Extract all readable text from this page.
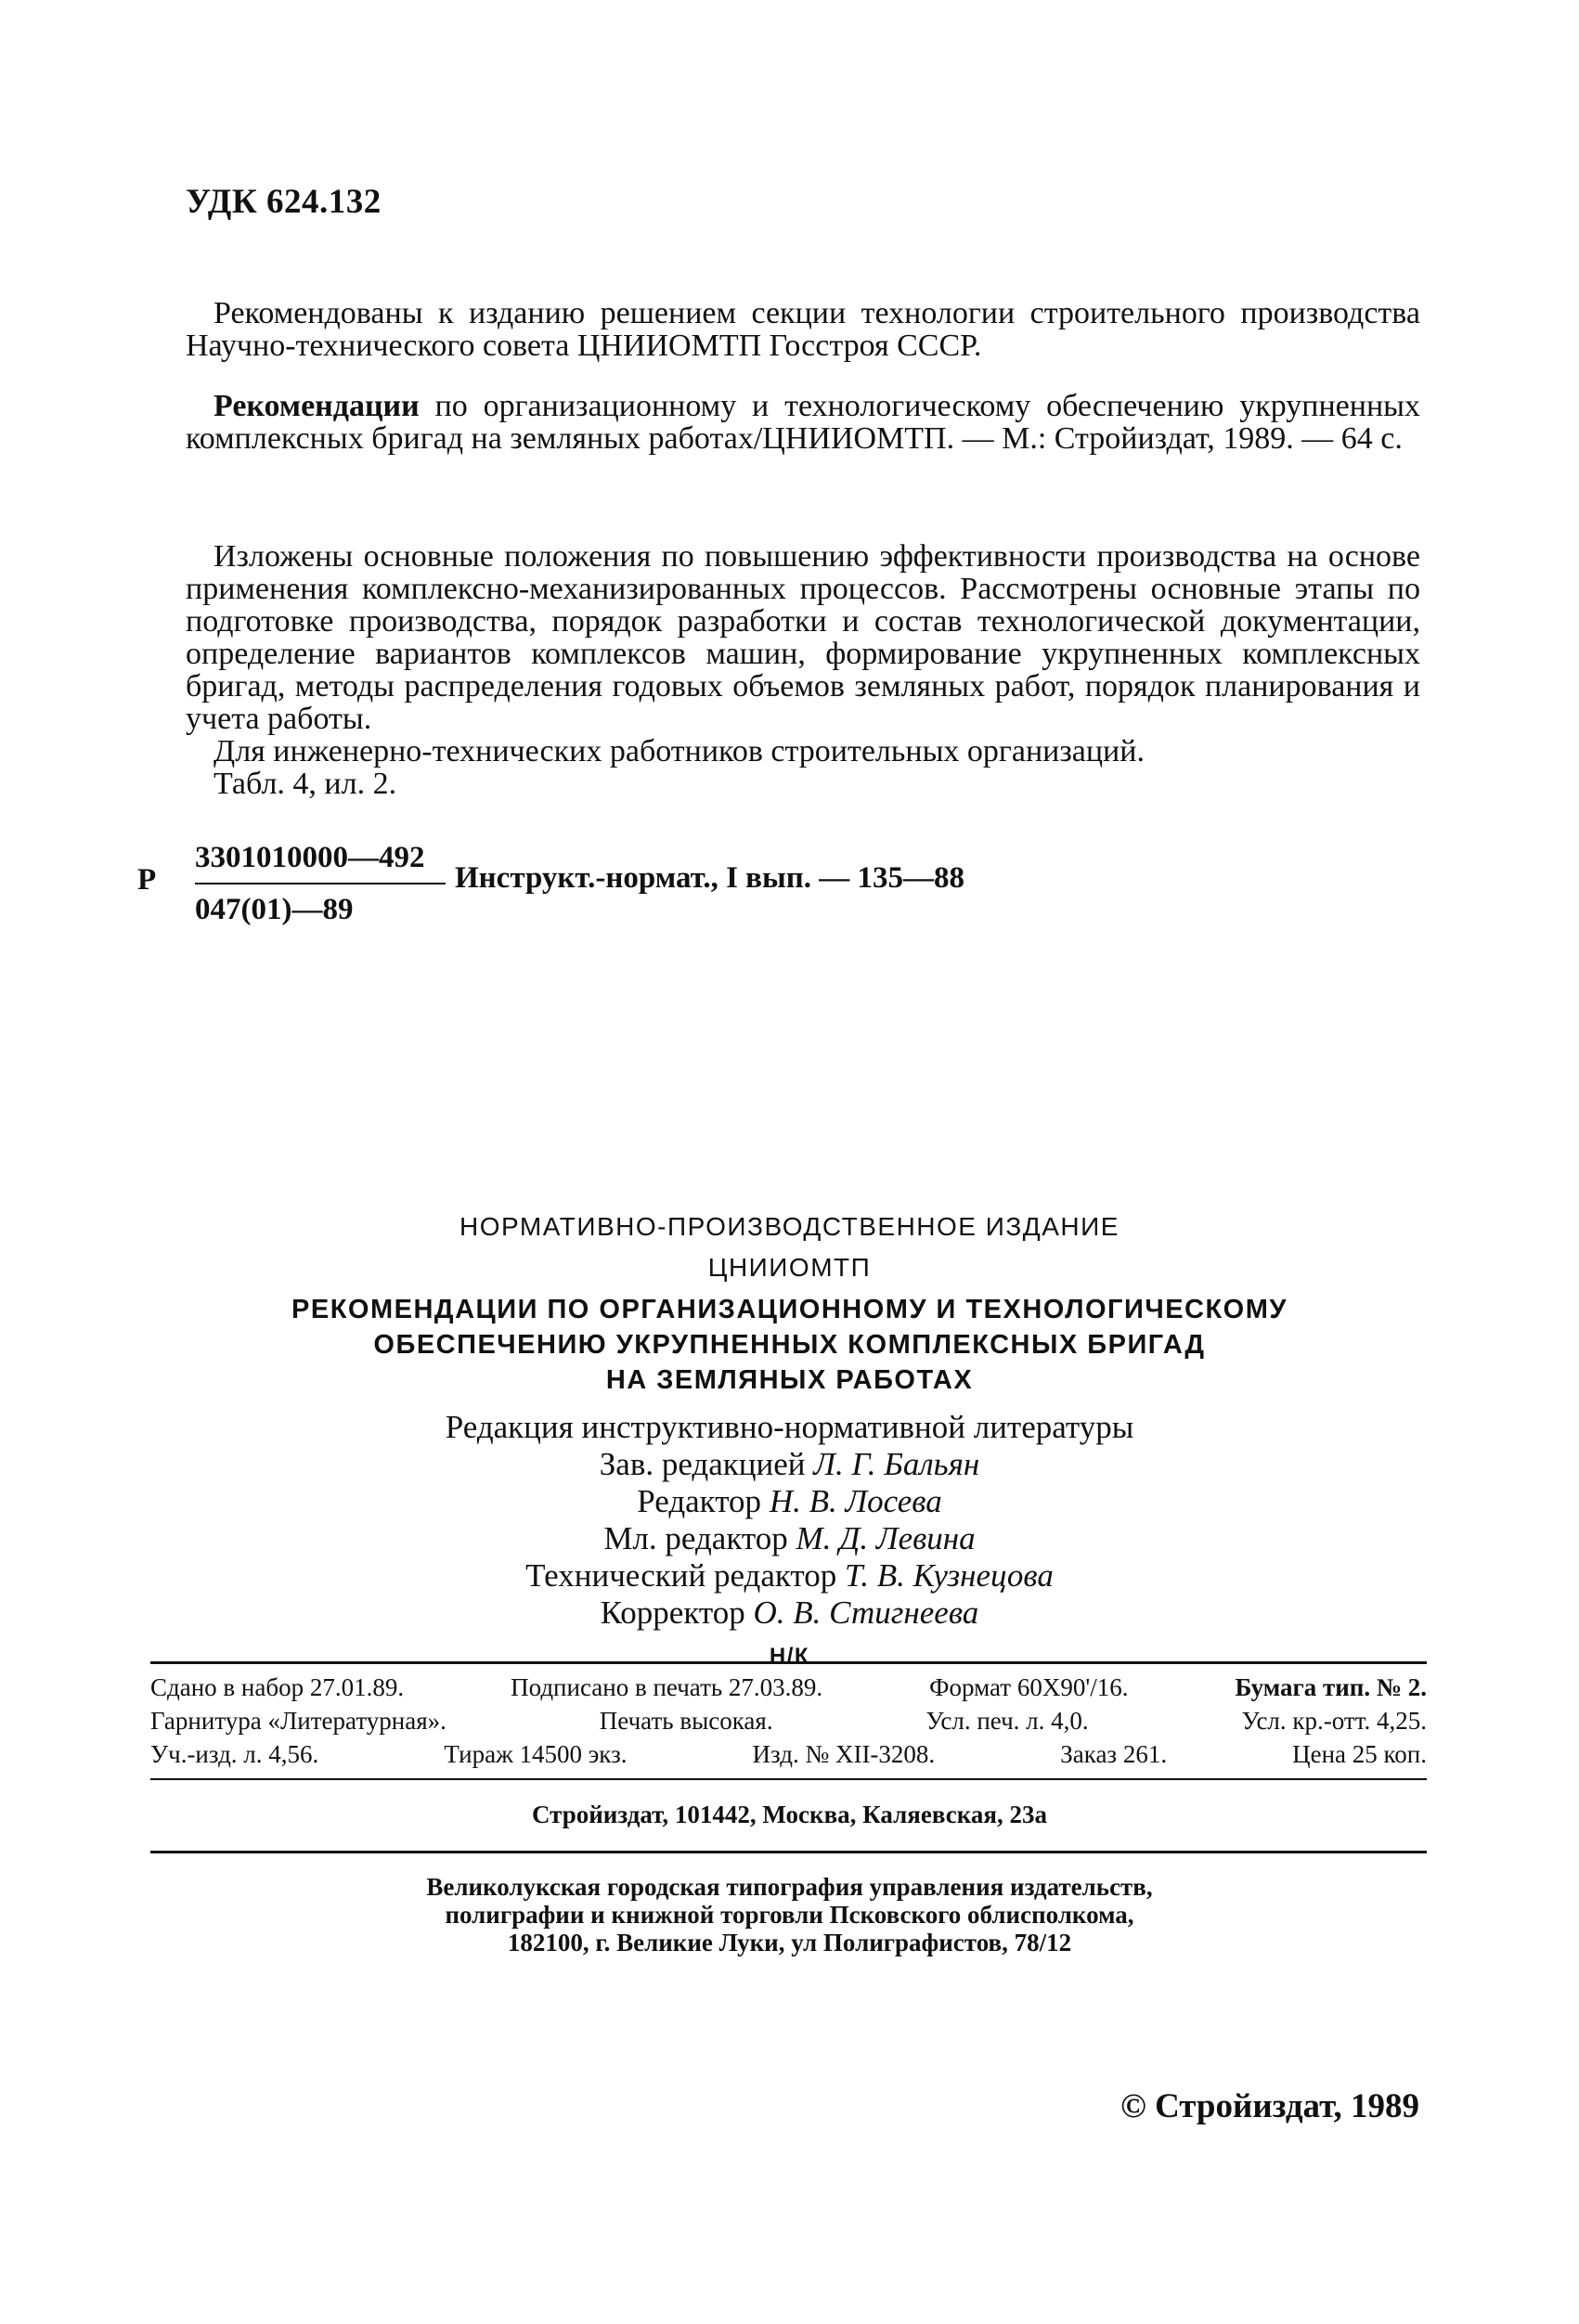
УДК 624.132
Рекомендованы к изданию решением секции технологии строительного производства Научно-технического совета ЦНИИОМТП Госстроя СССР.
Рекомендации по организационному и технологическому обеспечению укрупненных комплексных бригад на земляных работах/ЦНИИОМТП. — М.: Стройиздат, 1989. — 64 с.
Изложены основные положения по повышению эффективности производства на основе применения комплексно-механизированных процессов. Рассмотрены основные этапы по подготовке производства, порядок разработки и состав технологической документации, определение вариантов комплексов машин, формирование укрупненных комплексных бригад, методы распределения годовых объемов земляных работ, порядок планирования и учета работы.
Для инженерно-технических работников строительных организаций.
Табл. 4, ил. 2.
Р
3301010000—492
047(01)—89
Инструкт.-нормат., I вып. — 135—88
НОРМАТИВНО-ПРОИЗВОДСТВЕННОЕ ИЗДАНИЕ
ЦНИИОМТП
РЕКОМЕНДАЦИИ ПО ОРГАНИЗАЦИОННОМУ И ТЕХНОЛОГИЧЕСКОМУ
ОБЕСПЕЧЕНИЮ УКРУПНЕННЫХ КОМПЛЕКСНЫХ БРИГАД
НА ЗЕМЛЯНЫХ РАБОТАХ
Редакция инструктивно-нормативной литературы
Зав. редакцией Л. Г. Бальян
Редактор Н. В. Лосева
Мл. редактор М. Д. Левина
Технический редактор Т. В. Кузнецова
Корректор О. В. Стигнеева
Н/К
Сдано в набор 27.01.89.	Подписано в печать 27.03.89.	Формат 60Х90'/16.	Бумага тип. № 2.
Гарнитура «Литературная».	Печать высокая.	Усл. печ. л. 4,0.	Усл. кр.-отт. 4,25.
Уч.-изд. л. 4,56.	Тираж 14500 экз.	Изд. № XII-3208.	Заказ 261.	Цена 25 коп.
Стройиздат, 101442, Москва, Каляевская, 23а
Великолукская городская типография управления издательств,
полиграфии и книжной торговли Псковского облисполкома,
182100, г. Великие Луки, ул Полиграфистов, 78/12
© Стройиздат, 1989
